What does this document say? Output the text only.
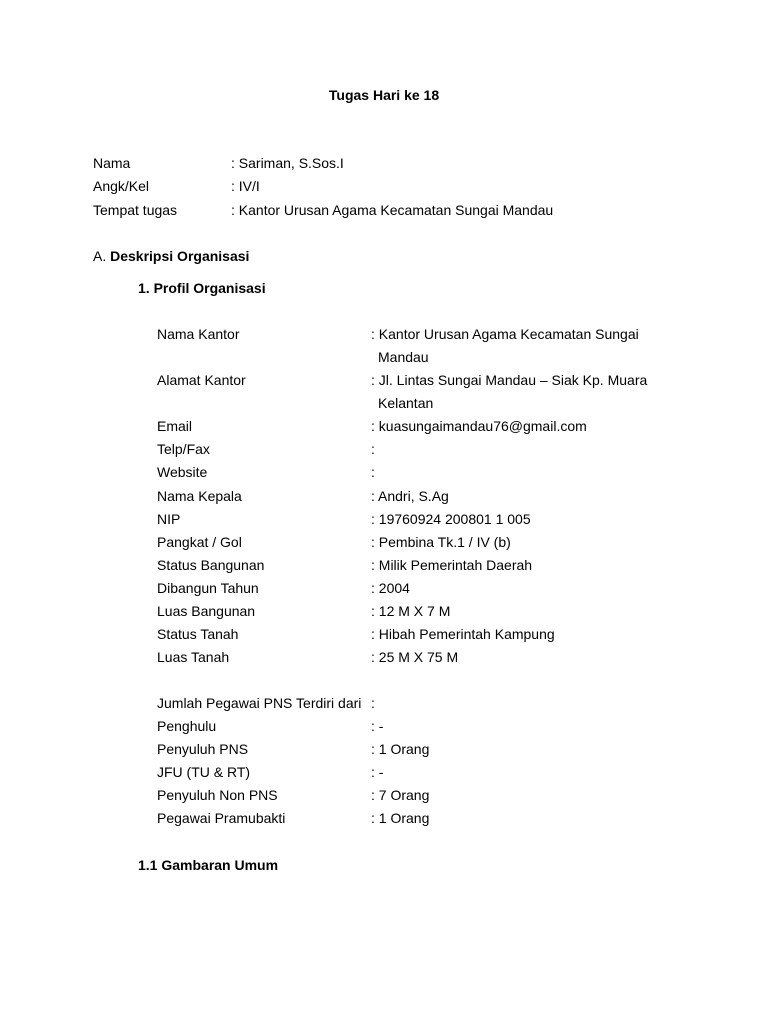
Tugas Hari ke 18
Nama	: Sariman, S.Sos.I
Angk/Kel	: IV/I
Tempat tugas	: Kantor Urusan Agama Kecamatan Sungai Mandau
A. Deskripsi Organisasi
1. Profil Organisasi
Nama Kantor	: Kantor Urusan Agama Kecamatan Sungai
Mandau
Alamat Kantor	: Jl. Lintas Sungai Mandau – Siak Kp. Muara
Kelantan
Email	: kuasungaimandau76@gmail.com
Telp/Fax	:
Website	:
Nama Kepala	: Andri, S.Ag
NIP	: 19760924 200801 1 005
Pangkat / Gol	: Pembina Tk.1 / IV (b)
Status Bangunan	: Milik Pemerintah Daerah
Dibangun Tahun	: 2004
Luas Bangunan	: 12 M X 7 M
Status Tanah	: Hibah Pemerintah Kampung
Luas Tanah	: 25 M X 75 M
Jumlah Pegawai PNS Terdiri dari :
Penghulu	: -
Penyuluh PNS	: 1 Orang
JFU (TU & RT)	: -
Penyuluh Non PNS	: 7 Orang
Pegawai Pramubakti	: 1 Orang
1.1 Gambaran Umum
